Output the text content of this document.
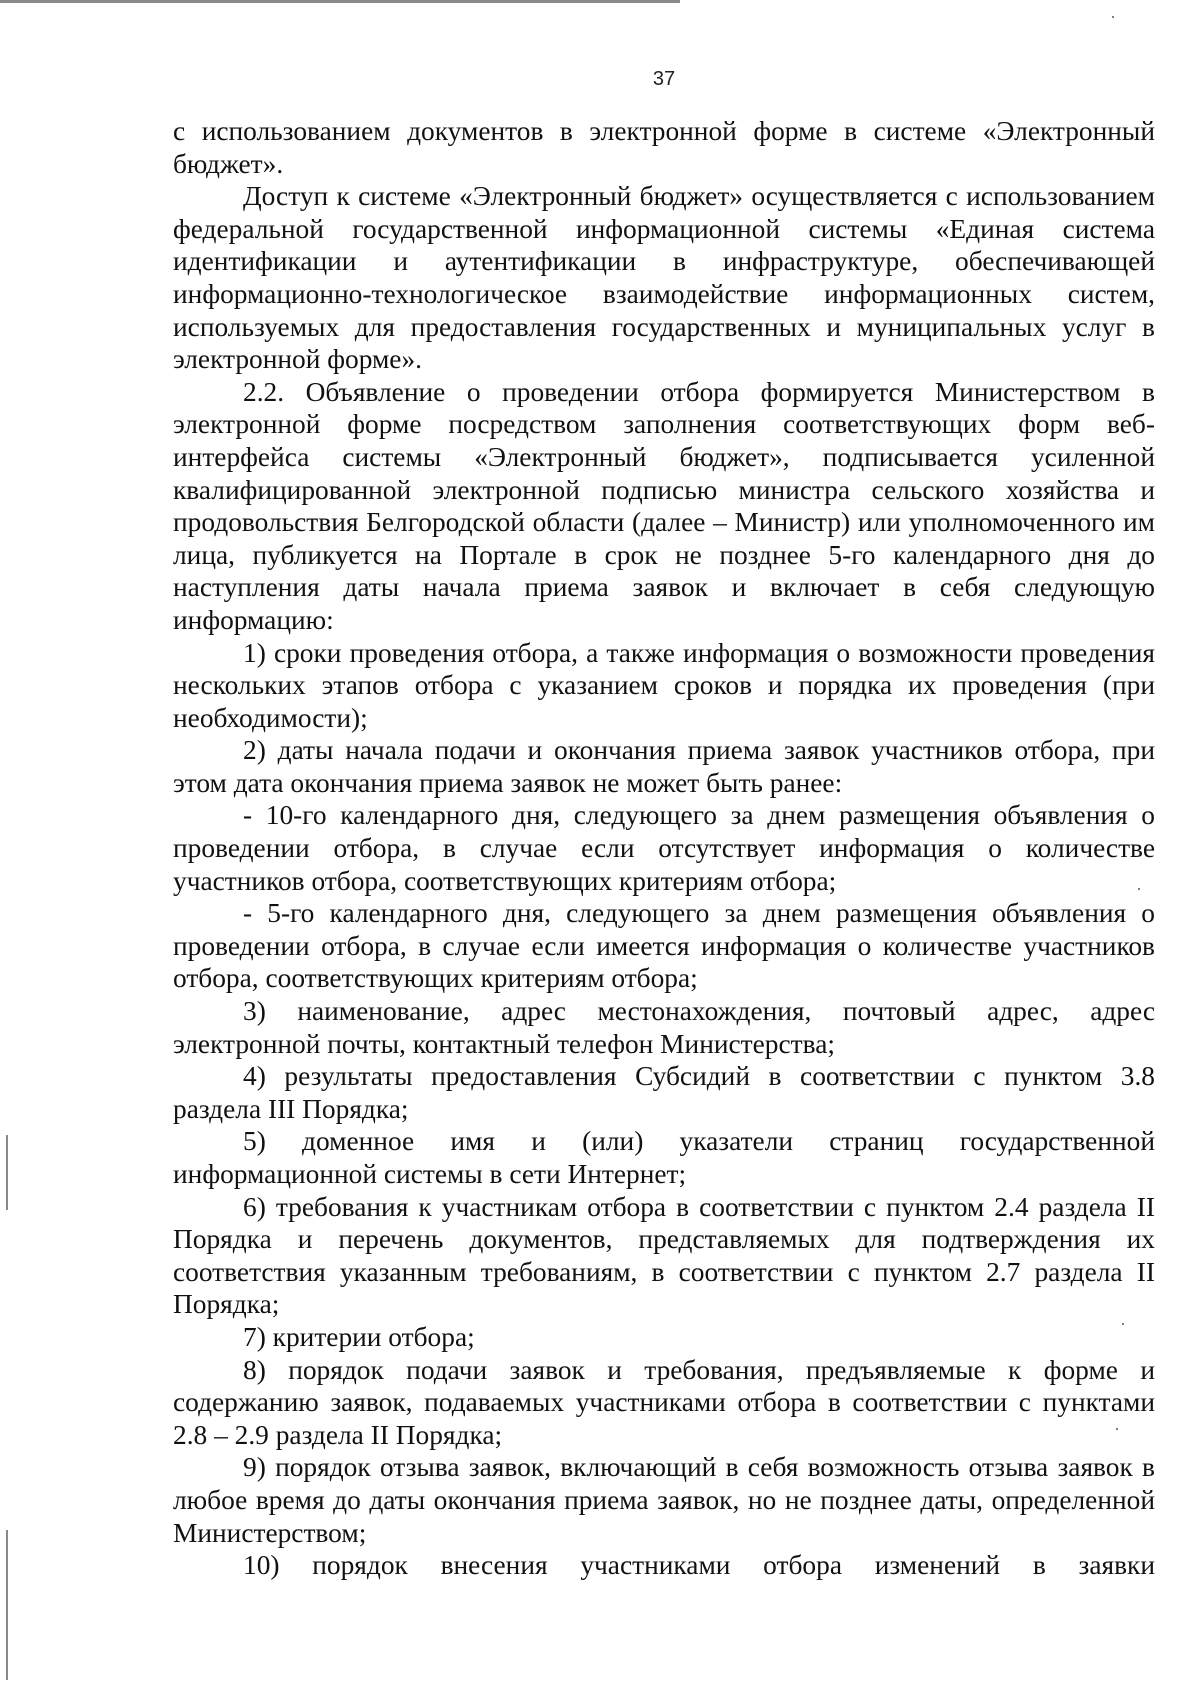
37

с использованием документов в электронной форме в системе «Электронный бюджет».

Доступ к системе «Электронный бюджет» осуществляется с использованием федеральной государственной информационной системы «Единая система идентификации и аутентификации в инфраструктуре, обеспечивающей информационно-технологическое взаимодействие информационных систем, используемых для предоставления государственных и муниципальных услуг в электронной форме».

2.2. Объявление о проведении отбора формируется Министерством в электронной форме посредством заполнения соответствующих форм веб-интерфейса системы «Электронный бюджет», подписывается усиленной квалифицированной электронной подписью министра сельского хозяйства и продовольствия Белгородской области (далее – Министр) или уполномоченного им лица, публикуется на Портале в срок не позднее 5-го календарного дня до наступления даты начала приема заявок и включает в себя следующую информацию:

1) сроки проведения отбора, а также информация о возможности проведения нескольких этапов отбора с указанием сроков и порядка их проведения (при необходимости);

2) даты начала подачи и окончания приема заявок участников отбора, при этом дата окончания приема заявок не может быть ранее:

- 10-го календарного дня, следующего за днем размещения объявления о проведении отбора, в случае если отсутствует информация о количестве участников отбора, соответствующих критериям отбора;

- 5-го календарного дня, следующего за днем размещения объявления о проведении отбора, в случае если имеется информация о количестве участников отбора, соответствующих критериям отбора;

3) наименование, адрес местонахождения, почтовый адрес, адрес электронной почты, контактный телефон Министерства;

4) результаты предоставления Субсидий в соответствии с пунктом 3.8 раздела III Порядка;

5) доменное имя и (или) указатели страниц государственной информационной системы в сети Интернет;

6) требования к участникам отбора в соответствии с пунктом 2.4 раздела II Порядка и перечень документов, представляемых для подтверждения их соответствия указанным требованиям, в соответствии с пунктом 2.7 раздела II Порядка;

7) критерии отбора;

8) порядок подачи заявок и требования, предъявляемые к форме и содержанию заявок, подаваемых участниками отбора в соответствии с пунктами 2.8 – 2.9 раздела II Порядка;

9) порядок отзыва заявок, включающий в себя возможность отзыва заявок в любое время до даты окончания приема заявок, но не позднее даты, определенной Министерством;

10) порядок внесения участниками отбора изменений в заявки
